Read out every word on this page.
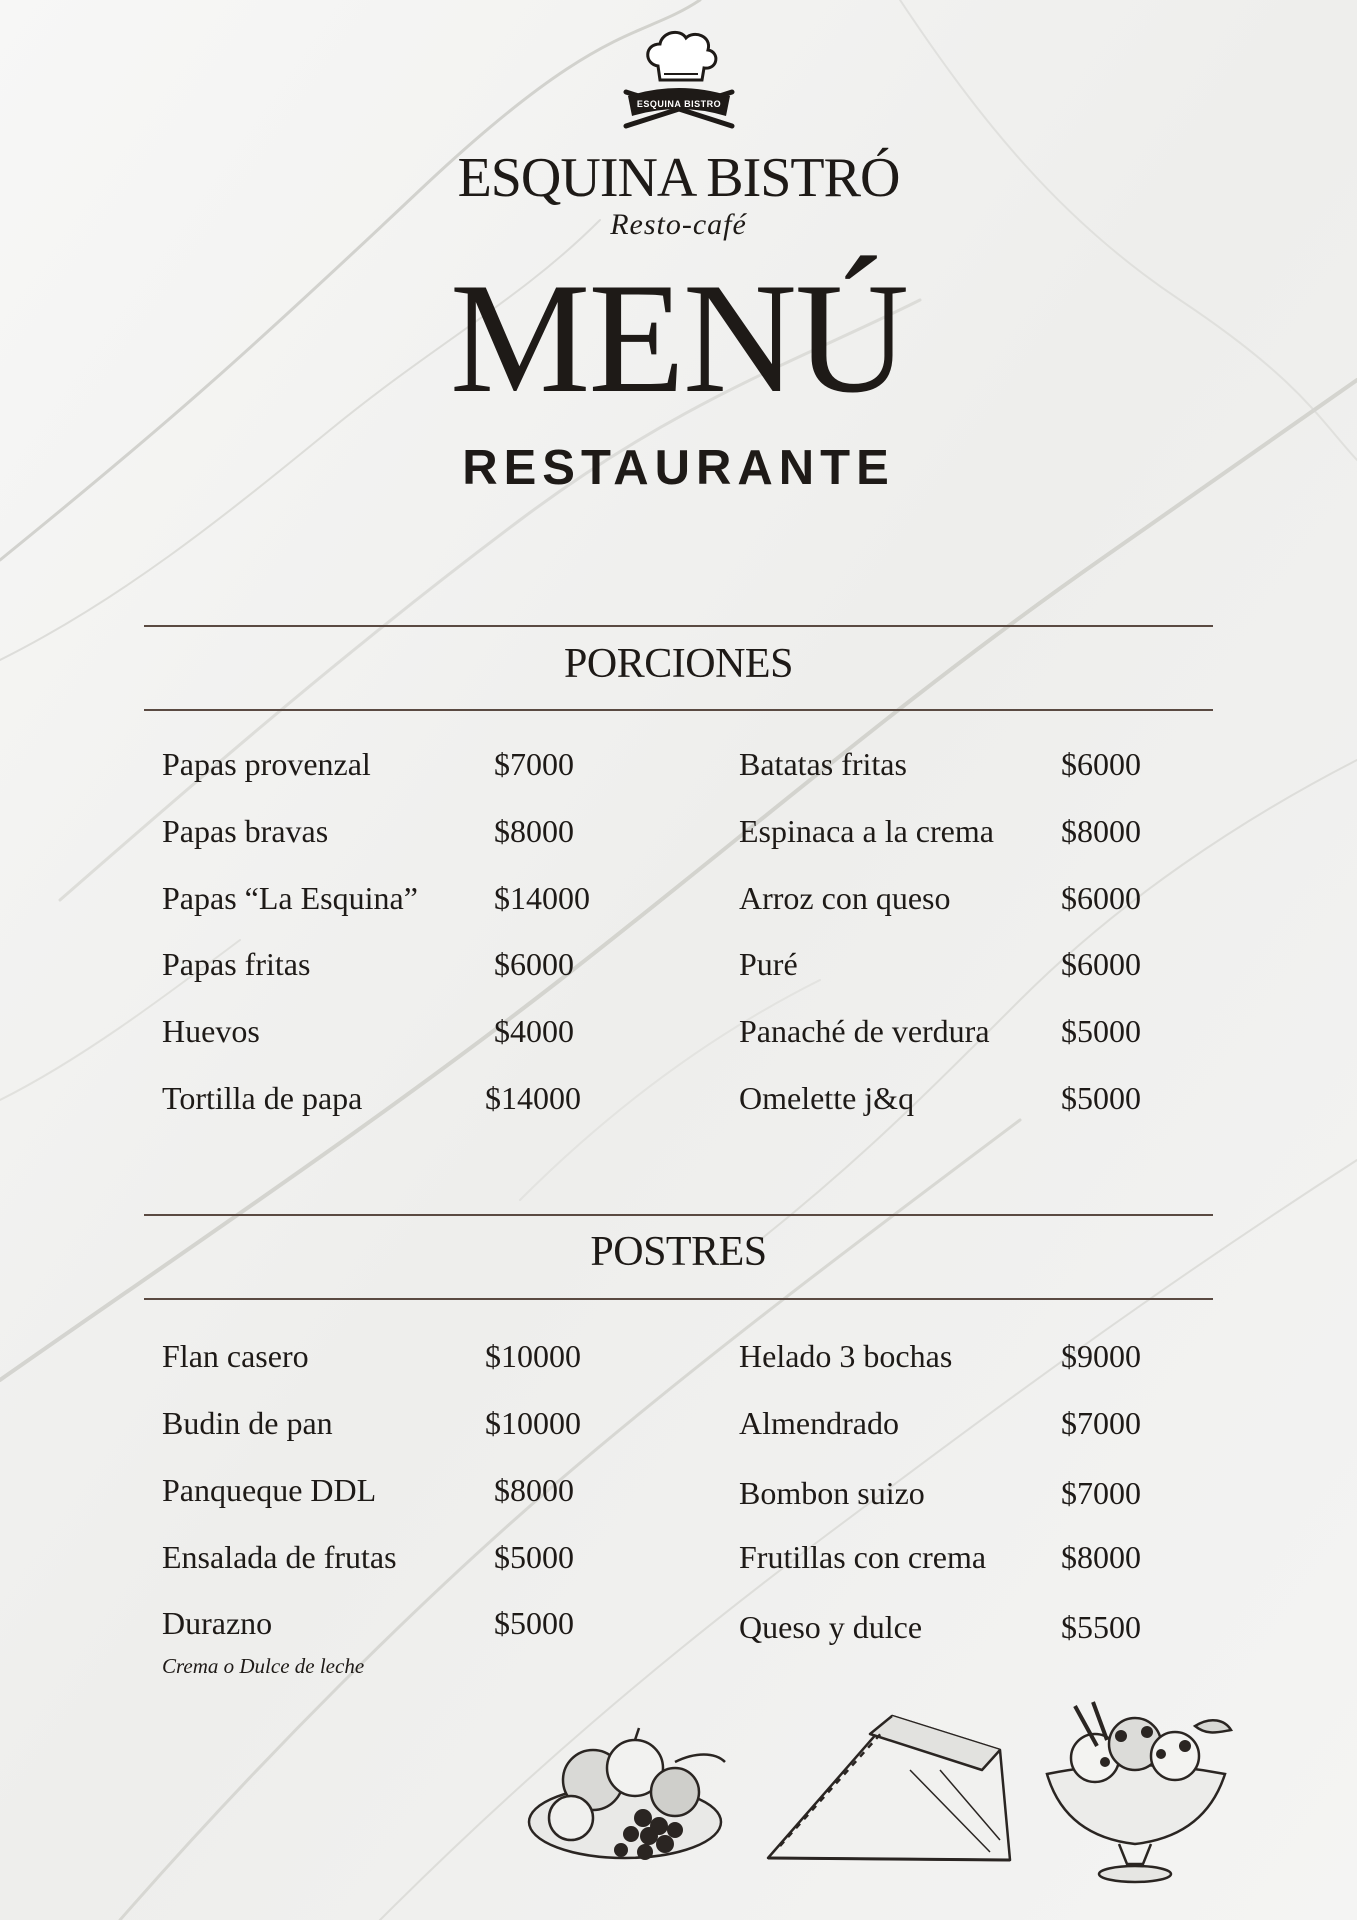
ESQUINA BISTRO
ESQUINA BISTRÓ
Resto-café
MENÚ
RESTAURANTE
PORCIONES
Papas provenzal	$7000
Papas bravas	$8000
Papas “La Esquina” $14000
Papas fritas	$6000
Huevos	$4000
Tortilla de papa	$14000
Batatas fritas	$6000
Espinaca a la crema $8000
Arroz con queso	$6000
Puré	$6000
Panaché de verdura $5000
Omelette j&q	$5000
POSTRES
Flan casero	$10000
Budin de pan	$10000
Panqueque DDL	$8000
Ensalada de frutas	$5000
Durazno	$5000
Crema o Dulce de leche
Helado 3 bochas	$9000
Almendrado	$7000
Bombon suizo	$7000
Frutillas con crema $8000
Queso y dulce	$5500
